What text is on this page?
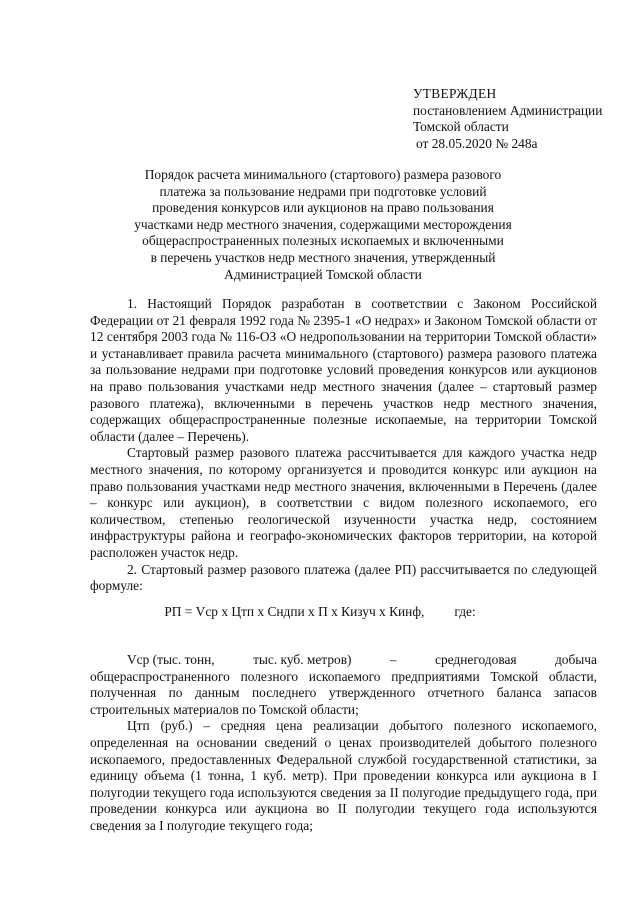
УТВЕРЖДЕН
постановлением Администрации
Томской области
от 28.05.2020 № 248а
Порядок расчета минимального (стартового) размера разового
платежа за пользование недрами при подготовке условий
проведения конкурсов или аукционов на право пользования
участками недр местного значения, содержащими месторождения
общераспространенных полезных ископаемых и включенными
в перечень участков недр местного значения, утвержденный
Администрацией Томской области

1. Настоящий Порядок разработан в соответствии с Законом Российской Федерации от 21 февраля 1992 года № 2395-1 «О недрах» и Законом Томской области от 12 сентября 2003 года № 116-ОЗ «О недропользовании на территории Томской области» и устанавливает правила расчета минимального (стартового) размера разового платежа за пользование недрами при подготовке условий проведения конкурсов или аукционов на право пользования участками недр местного значения (далее – стартовый размер разового платежа), включенными в перечень участков недр местного значения, содержащих общераспространенные полезные ископаемые, на территории Томской области (далее – Перечень).

Стартовый размер разового платежа рассчитывается для каждого участка недр местного значения, по которому организуется и проводится конкурс или аукцион на право пользования участками недр местного значения, включенными в Перечень (далее – конкурс или аукцион), в соответствии с видом полезного ископаемого, его количеством, степенью геологической изученности участка недр, состоянием инфраструктуры района и географо-экономических факторов территории, на которой расположен участок недр.

2. Стартовый размер разового платежа (далее РП) рассчитывается по следующей формуле:

РП = Vср x Цтп x Сндпи x П x Кизуч x Кинф, где:
Vср (тыс. тонн,	тыс. куб. метров)	–	среднегодовая	добыча

общераспространенного полезного ископаемого предприятиями Томской области, полученная по данным последнего утвержденного отчетного баланса запасов строительных материалов по Томской области;

Цтп (руб.) – средняя цена реализации добытого полезного ископаемого, определенная на основании сведений о ценах производителей добытого полезного ископаемого, предоставленных Федеральной службой государственной статистики, за единицу объема (1 тонна, 1 куб. метр). При проведении конкурса или аукциона в I полугодии текущего года используются сведения за II полугодие предыдущего года, при проведении конкурса или аукциона во II полугодии текущего года используются сведения за I полугодие текущего года;
